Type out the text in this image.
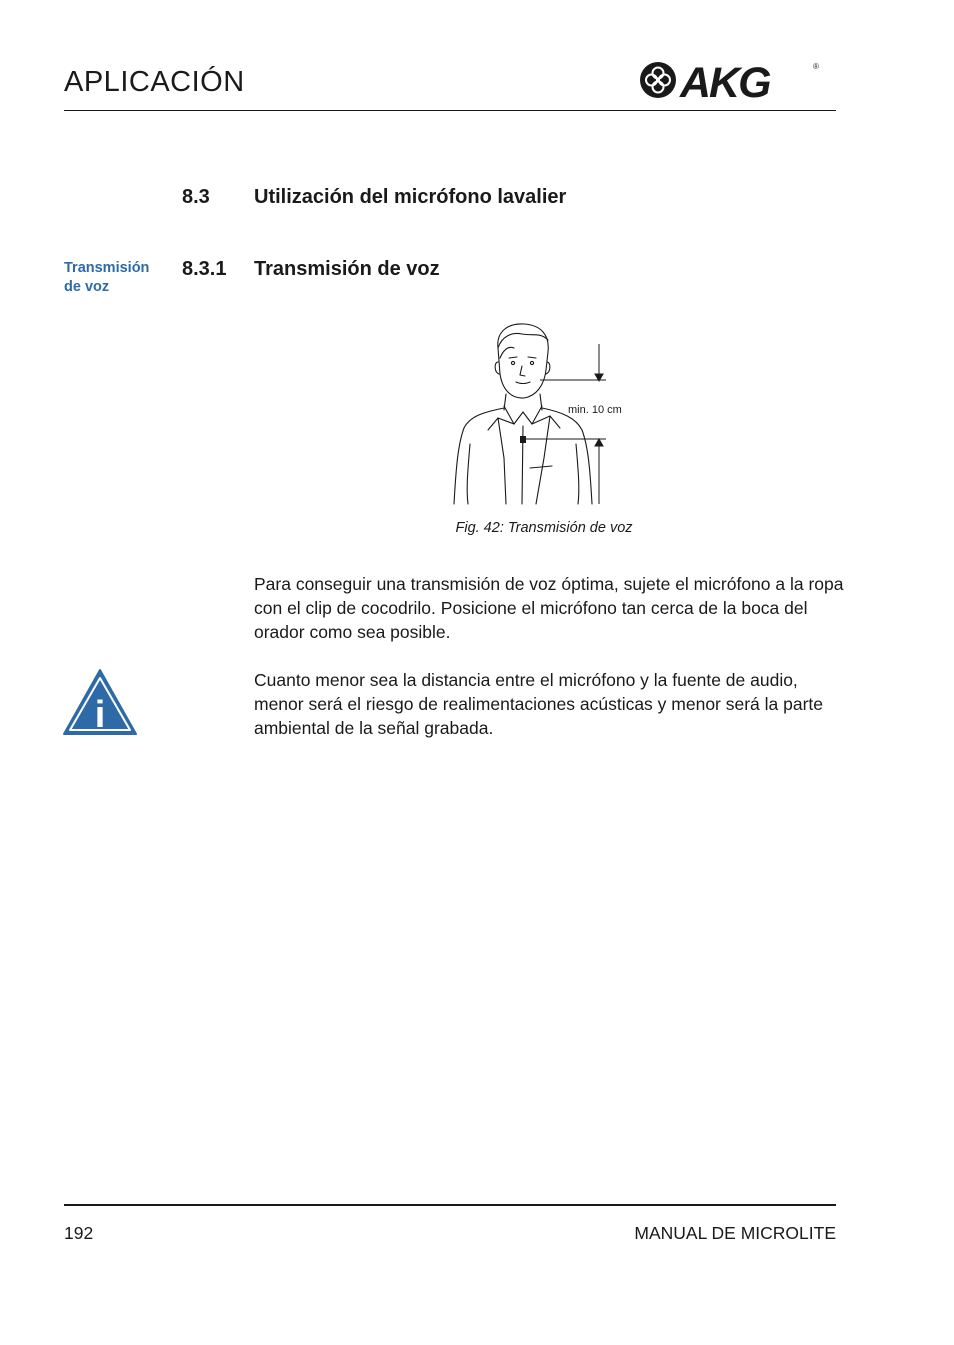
APLICACIÓN	AKG	®
8.3 Utilización del micrófono lavalier
Transmisión
de voz
8.3.1 Transmisión de voz
min. 10 cm
Fig. 42: Transmisión de voz
Para conseguir una transmisión de voz óptima, sujete el micrófono a la ropa con el clip de cocodrilo. Posicione el micrófono tan cerca de la boca del orador como sea posible.
i
Cuanto menor sea la distancia entre el micrófono y la fuente de audio, menor será el riesgo de realimentaciones acústicas y menor será la parte ambiental de la señal grabada.
192	MANUAL DE MICROLITE
